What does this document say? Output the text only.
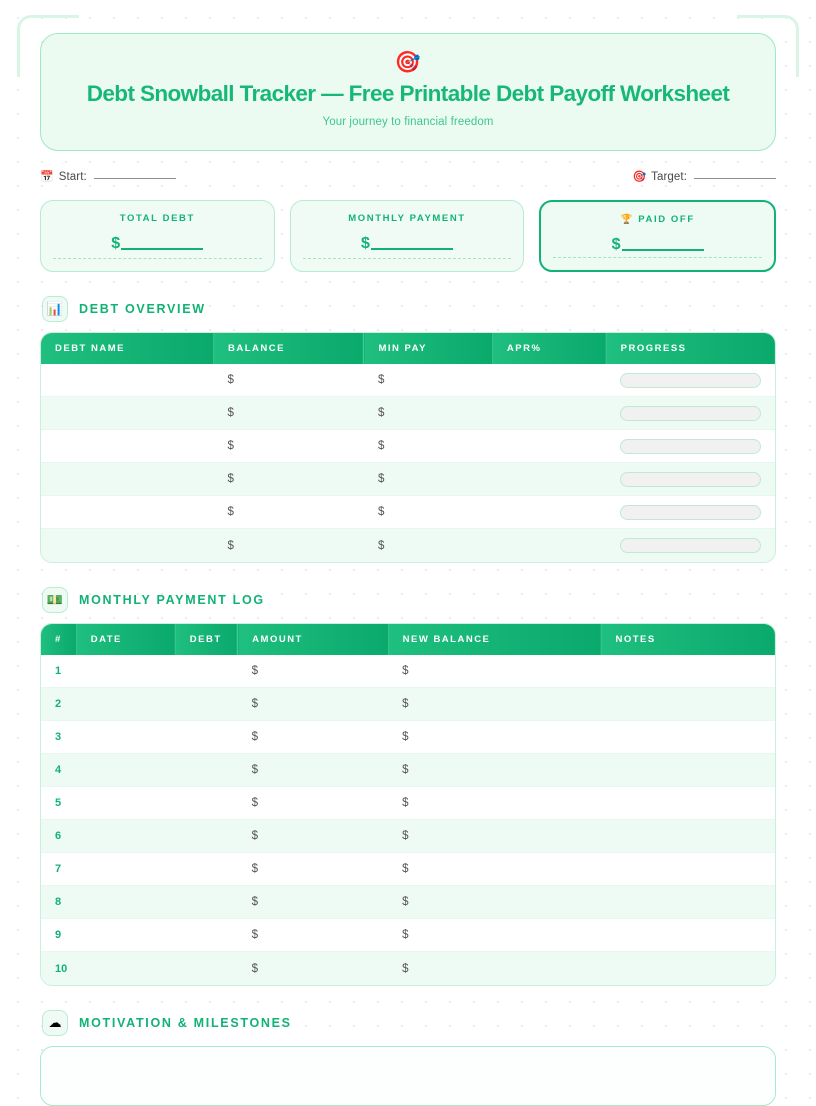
🎯
Debt Snowball Tracker — Free Printable Debt Payoff Worksheet
Your journey to financial freedom
📅 Start:	🎯 Target:
TOTAL DEBT
$
MONTHLY PAYMENT
$
🏆 PAID OFF
$
📊	DEBT OVERVIEW
DEBT NAME	BALANCE	MIN PAY	APR%	PROGRESS
	$	$		

	$	$		

	$	$		

	$	$		

	$	$		

	$	$		
💵	MONTHLY PAYMENT LOG
#	DATE	DEBT	AMOUNT	NEW BALANCE	NOTES
1			$	$	
2			$	$	
3			$	$	
4			$	$	
5			$	$	
6			$	$	
7			$	$	
8			$	$	
9			$	$	
10			$	$	
☁	MOTIVATION & MILESTONES
